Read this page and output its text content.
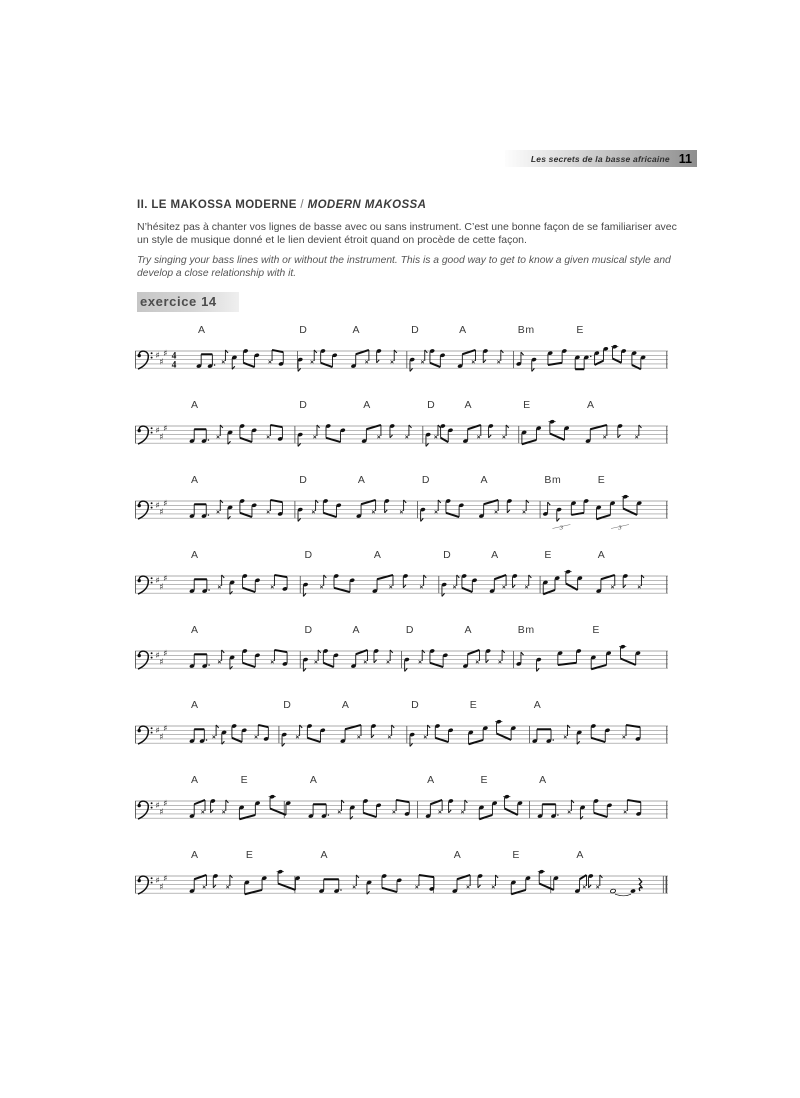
Les secrets de la basse africaine 11
II. LE MAKOSSA MODERNE / MODERN MAKOSSA

N’hésitez pas à chanter vos lignes de basse avec ou sans instrument. C’est une bonne façon de se familiariser avec un style de musique donné et le lien devient étroit quand on procède de cette façon.

Try singing your bass lines with or without the instrument. This is a good way to get to know a given musical style and develop a close relationship with it.

exercice 14
♯
♯
♯ 4
4
A	D	A	D	A	Bm	E
×	×	×	×	×	×	×	×
♯
♯
♯
A	D	A	D	A	E	A
×	×	×	×	×	×	×	×	×	×
♯
♯
♯
A	D	A	D	A	Bm	E
×	×	×	×	×	×	×	×
3	3
♯
♯
♯
A	D	A	D	A	E	A
×	×	×	×	×	×	×	×	×	×
♯
♯
♯
A	D	A	D	A	Bm	E
×	×	×	×	×	×	×	×
♯
♯
♯
A	D	A	D	E	A
×	×	×	×	×	×	×	×
♯
♯
♯
A	E	A	A	E	A
×	×	×	×	×	×	×	×
♯
♯
♯
A	E	A	A	E	A
×	×	×	×	×	×	× ×
